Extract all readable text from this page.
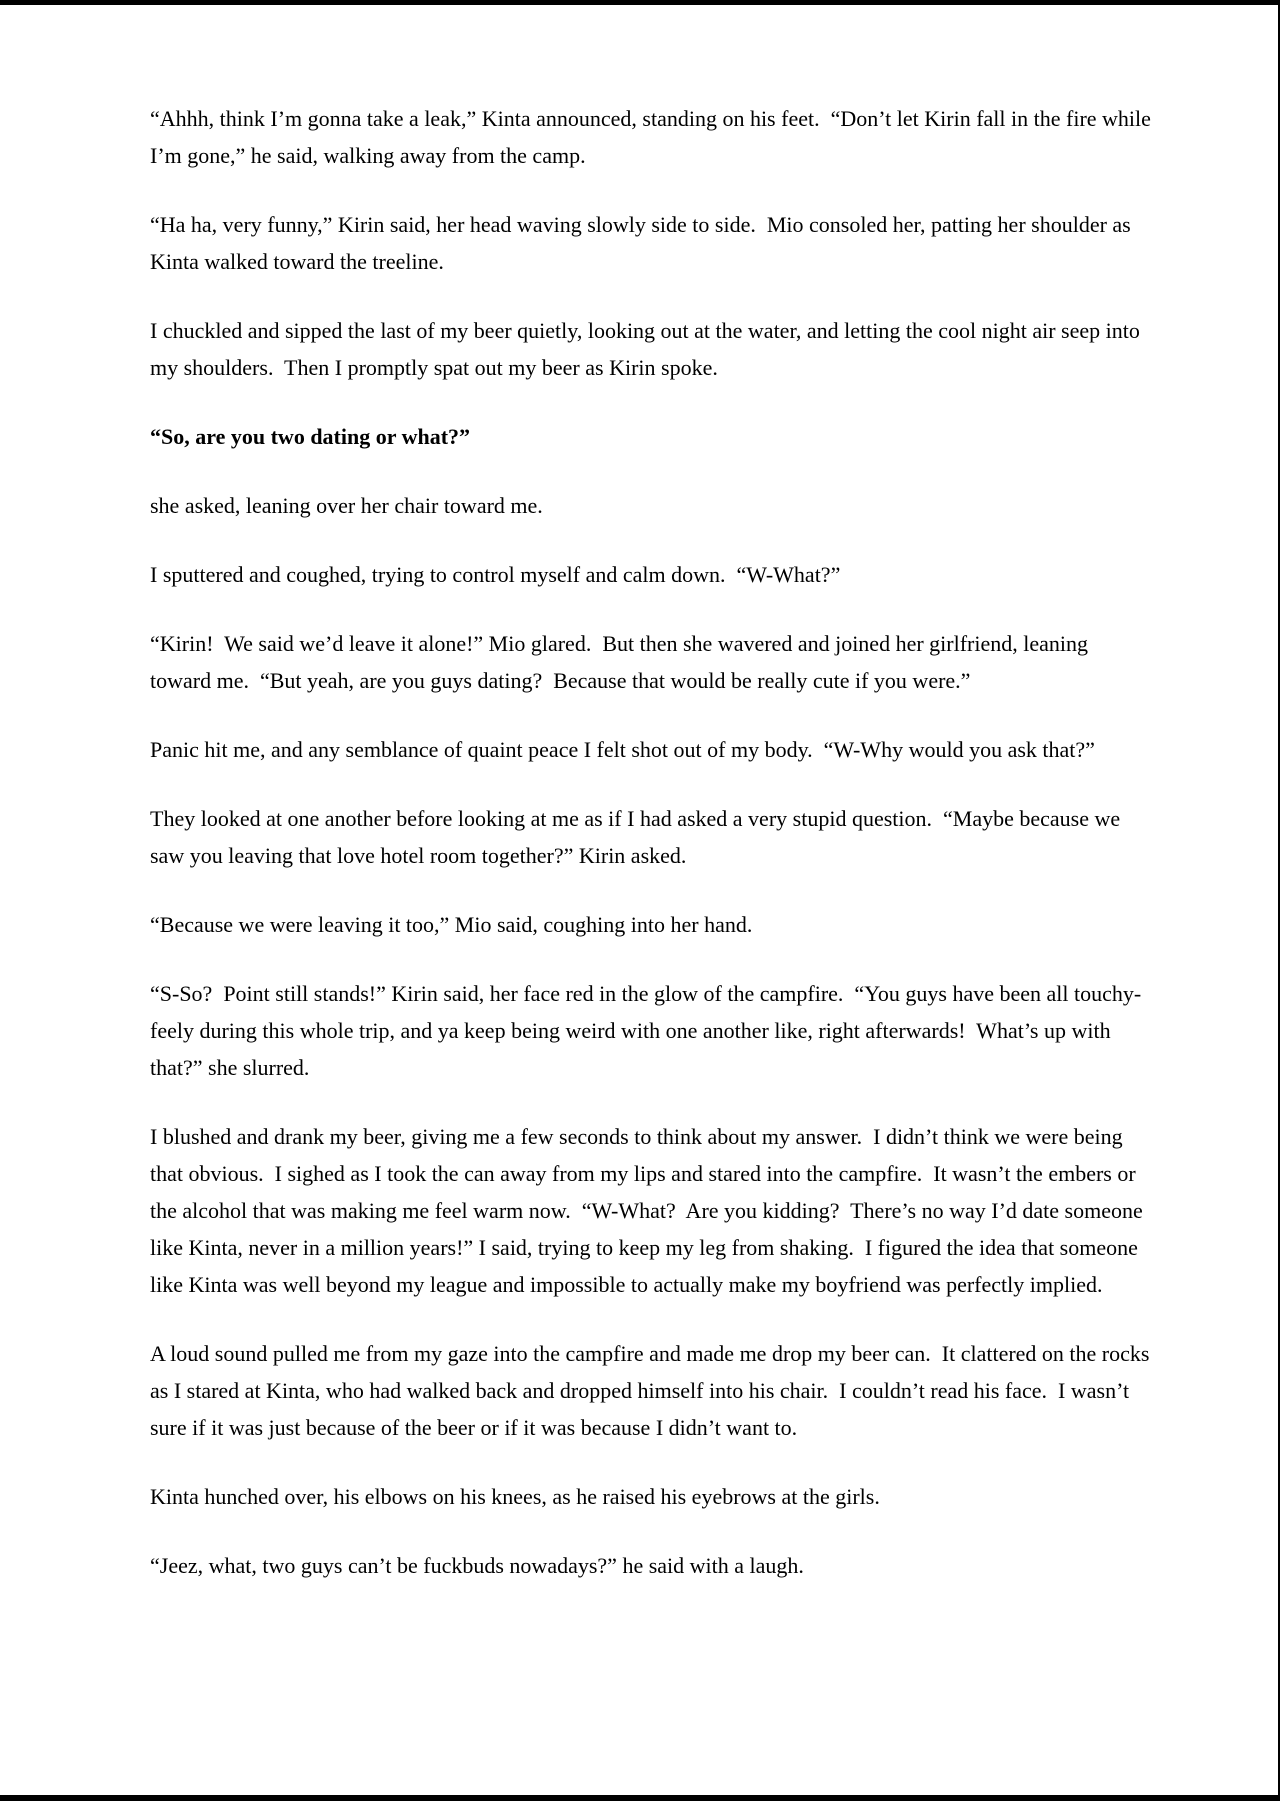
“Ahhh, think I’m gonna take a leak,” Kinta announced, standing on his feet.  “Don’t let Kirin fall in the fire while I’m gone,” he said, walking away from the camp.

“Ha ha, very funny,” Kirin said, her head waving slowly side to side.  Mio consoled her, patting her shoulder as Kinta walked toward the treeline.

I chuckled and sipped the last of my beer quietly, looking out at the water, and letting the cool night air seep into my shoulders.  Then I promptly spat out my beer as Kirin spoke.

“So, are you two dating or what?”

she asked, leaning over her chair toward me.

I sputtered and coughed, trying to control myself and calm down.  “W-What?”

“Kirin!  We said we’d leave it alone!” Mio glared.  But then she wavered and joined her girlfriend, leaning toward me.  “But yeah, are you guys dating?  Because that would be really cute if you were.”

Panic hit me, and any semblance of quaint peace I felt shot out of my body.  “W-Why would you ask that?”

They looked at one another before looking at me as if I had asked a very stupid question.  “Maybe because we saw you leaving that love hotel room together?” Kirin asked.

“Because we were leaving it too,” Mio said, coughing into her hand.

“S-So?  Point still stands!” Kirin said, her face red in the glow of the campfire.  “You guys have been all touchy-feely during this whole trip, and ya keep being weird with one another like, right afterwards!  What’s up with that?” she slurred.

I blushed and drank my beer, giving me a few seconds to think about my answer.  I didn’t think we were being that obvious.  I sighed as I took the can away from my lips and stared into the campfire.  It wasn’t the embers or the alcohol that was making me feel warm now.  “W-What?  Are you kidding?  There’s no way I’d date someone like Kinta, never in a million years!” I said, trying to keep my leg from shaking.  I figured the idea that someone like Kinta was well beyond my league and impossible to actually make my boyfriend was perfectly implied.

A loud sound pulled me from my gaze into the campfire and made me drop my beer can.  It clattered on the rocks as I stared at Kinta, who had walked back and dropped himself into his chair.  I couldn’t read his face.  I wasn’t sure if it was just because of the beer or if it was because I didn’t want to.

Kinta hunched over, his elbows on his knees, as he raised his eyebrows at the girls.

“Jeez, what, two guys can’t be fuckbuds nowadays?” he said with a laugh.
